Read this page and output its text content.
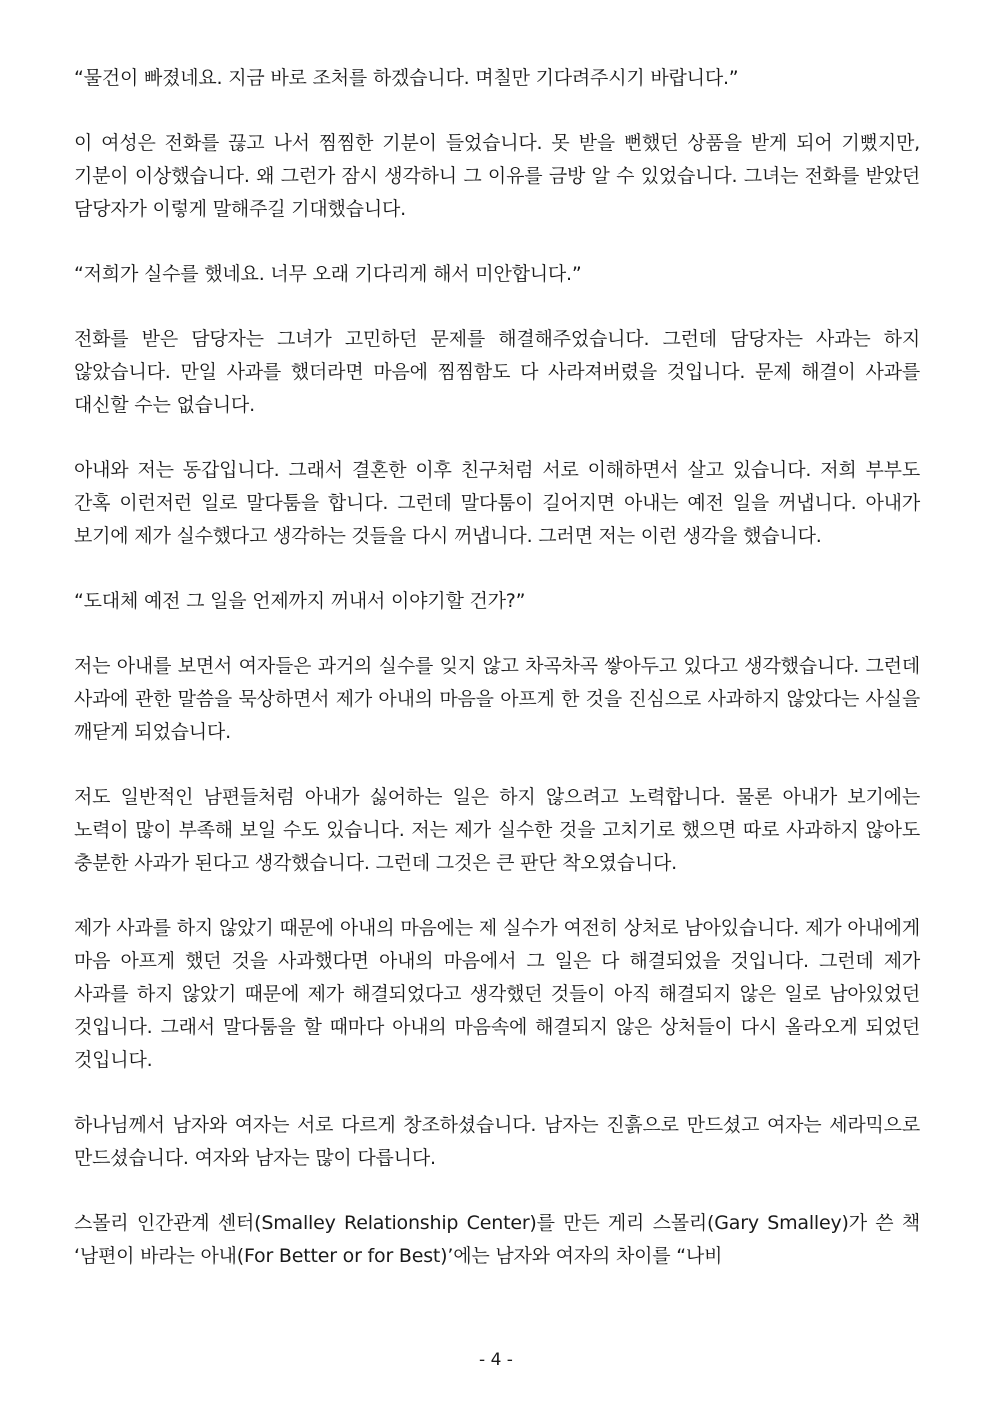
“물건이 빠졌네요. 지금 바로 조처를 하겠습니다. 며칠만 기다려주시기 바랍니다.”

이 여성은 전화를 끊고 나서 찜찜한 기분이 들었습니다. 못 받을 뻔했던 상품을 받게 되어 기뻤지만, 기분이 이상했습니다. 왜 그런가 잠시 생각하니 그 이유를 금방 알 수 있었습니다. 그녀는 전화를 받았던 담당자가 이렇게 말해주길 기대했습니다.

“저희가 실수를 했네요. 너무 오래 기다리게 해서 미안합니다.”

전화를 받은 담당자는 그녀가 고민하던 문제를 해결해주었습니다. 그런데 담당자는 사과는 하지 않았습니다. 만일 사과를 했더라면 마음에 찜찜함도 다 사라져버렸을 것입니다. 문제 해결이 사과를 대신할 수는 없습니다.

아내와 저는 동갑입니다. 그래서 결혼한 이후 친구처럼 서로 이해하면서 살고 있습니다. 저희 부부도 간혹 이런저런 일로 말다툼을 합니다. 그런데 말다툼이 길어지면 아내는 예전 일을 꺼냅니다. 아내가 보기에 제가 실수했다고 생각하는 것들을 다시 꺼냅니다. 그러면 저는 이런 생각을 했습니다.

“도대체 예전 그 일을 언제까지 꺼내서 이야기할 건가?”

저는 아내를 보면서 여자들은 과거의 실수를 잊지 않고 차곡차곡 쌓아두고 있다고 생각했습니다. 그런데 사과에 관한 말씀을 묵상하면서 제가 아내의 마음을 아프게 한 것을 진심으로 사과하지 않았다는 사실을 깨닫게 되었습니다.

저도 일반적인 남편들처럼 아내가 싫어하는 일은 하지 않으려고 노력합니다. 물론 아내가 보기에는 노력이 많이 부족해 보일 수도 있습니다. 저는 제가 실수한 것을 고치기로 했으면 따로 사과하지 않아도 충분한 사과가 된다고 생각했습니다. 그런데 그것은 큰 판단 착오였습니다.

제가 사과를 하지 않았기 때문에 아내의 마음에는 제 실수가 여전히 상처로 남아있습니다. 제가 아내에게 마음 아프게 했던 것을 사과했다면 아내의 마음에서 그 일은 다 해결되었을 것입니다. 그런데 제가 사과를 하지 않았기 때문에 제가 해결되었다고 생각했던 것들이 아직 해결되지 않은 일로 남아있었던 것입니다. 그래서 말다툼을 할 때마다 아내의 마음속에 해결되지 않은 상처들이 다시 올라오게 되었던 것입니다.

하나님께서 남자와 여자는 서로 다르게 창조하셨습니다. 남자는 진흙으로 만드셨고 여자는 세라믹으로 만드셨습니다. 여자와 남자는 많이 다릅니다.

스몰리 인간관계 센터(Smalley Relationship Center)를 만든 게리 스몰리(Gary Smalley)가 쓴 책 ‘남편이 바라는 아내(For Better or for Best)’에는 남자와 여자의 차이를 “나비

- 4 -
